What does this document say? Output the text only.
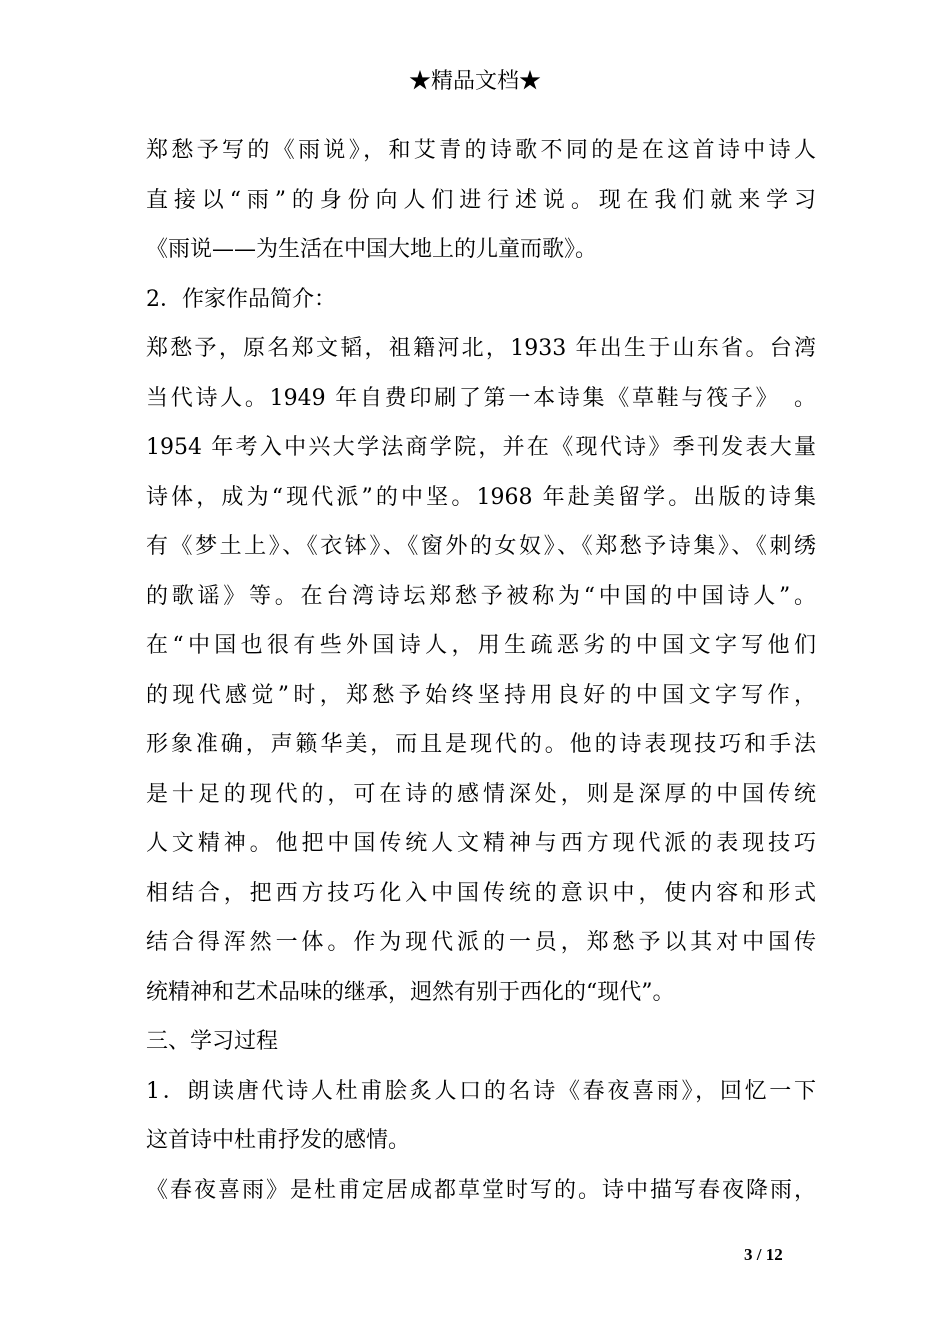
★精品文档★
郑愁予写的《雨说》，和艾青的诗歌不同的是在这首诗中诗人
直接以“雨”的身份向人们进行述说。现在我们就来学习
《雨说——为生活在中国大地上的儿童而歌》。
2．作家作品简介：
郑愁予，原名郑文韬，祖籍河北，1933 年出生于山东省。台湾
当代诗人。1949 年自费印刷了第一本诗集《草鞋与筏子》　。
1954 年考入中兴大学法商学院，并在《现代诗》季刊发表大量
诗体，成为“现代派”的中坚。1968 年赴美留学。出版的诗集
有《梦土上》、《衣钵》、《窗外的女奴》、《郑愁予诗集》、《刺绣
的歌谣》等。在台湾诗坛郑愁予被称为“中国的中国诗人”。
在“中国也很有些外国诗人，用生疏恶劣的中国文字写他们
的现代感觉”时，郑愁予始终坚持用良好的中国文字写作，
形象准确，声籁华美，而且是现代的。他的诗表现技巧和手法
是十足的现代的，可在诗的感情深处，则是深厚的中国传统
人文精神。他把中国传统人文精神与西方现代派的表现技巧
相结合，把西方技巧化入中国传统的意识中，使内容和形式
结合得浑然一体。作为现代派的一员，郑愁予以其对中国传
统精神和艺术品味的继承，迥然有别于西化的“现代”。
三、学习过程
1．朗读唐代诗人杜甫脍炙人口的名诗《春夜喜雨》，回忆一下
这首诗中杜甫抒发的感情。
《春夜喜雨》是杜甫定居成都草堂时写的。诗中描写春夜降雨，
3 / 12
